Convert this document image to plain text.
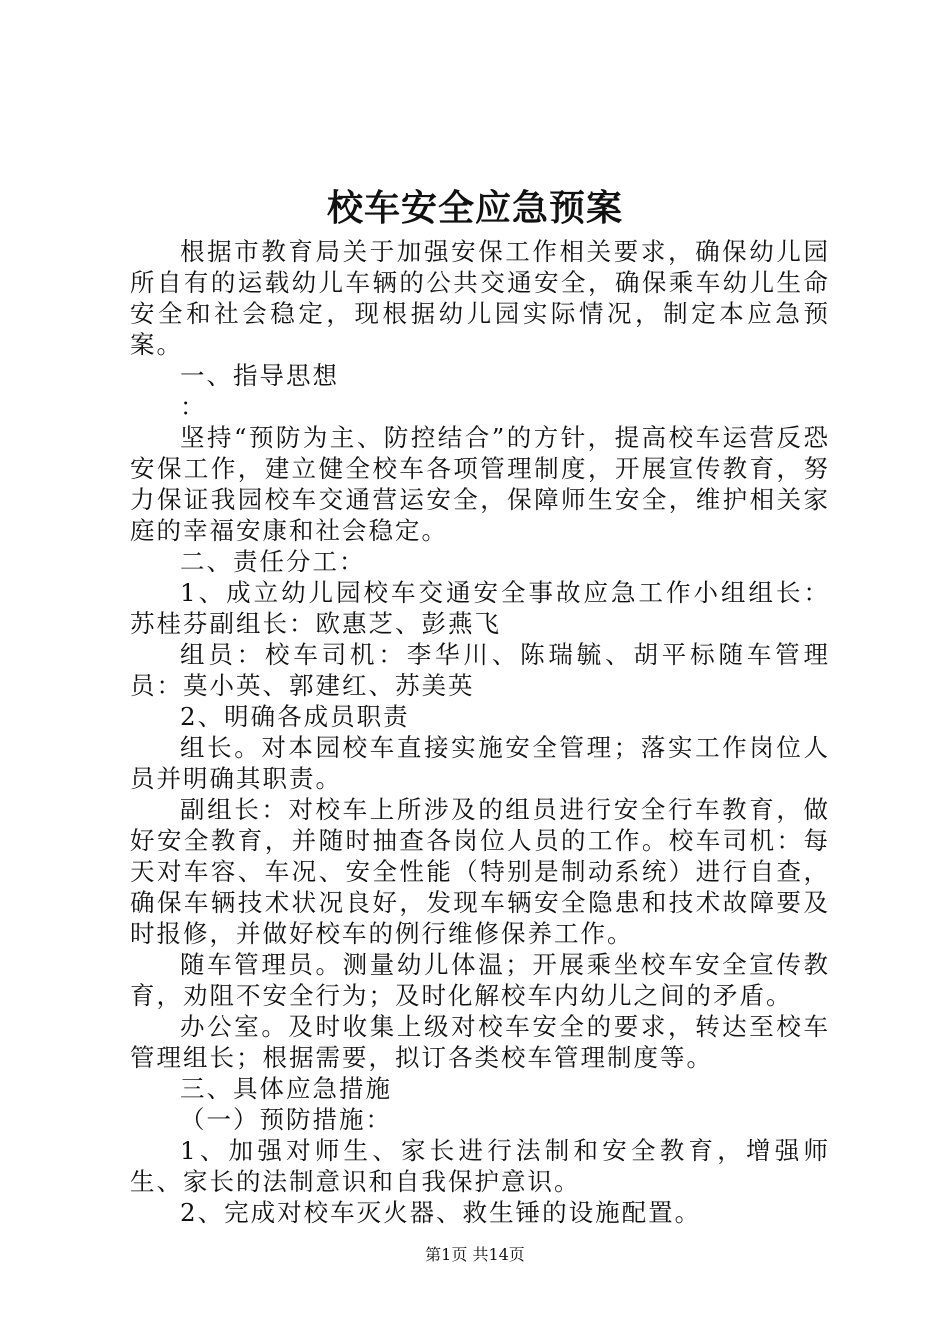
校车安全应急预案

根据市教育局关于加强安保工作相关要求，确保幼儿园所自有的运载幼儿车辆的公共交通安全，确保乘车幼儿生命安全和社会稳定，现根据幼儿园实际情况，制定本应急预案。

一、指导思想

：

坚持“预防为主、防控结合”的方针，提高校车运营反恐安保工作，建立健全校车各项管理制度，开展宣传教育，努力保证我园校车交通营运安全，保障师生安全，维护相关家庭的幸福安康和社会稳定。

二、责任分工：

1、成立幼儿园校车交通安全事故应急工作小组组长：苏桂芬副组长：欧惠芝、彭燕飞

组员：校车司机：李华川、陈瑞毓、胡平标随车管理员：莫小英、郭建红、苏美英

2、明确各成员职责

组长。对本园校车直接实施安全管理；落实工作岗位人员并明确其职责。

副组长：对校车上所涉及的组员进行安全行车教育，做好安全教育，并随时抽查各岗位人员的工作。校车司机：每天对车容、车况、安全性能（特别是制动系统）进行自查，确保车辆技术状况良好，发现车辆安全隐患和技术故障要及时报修，并做好校车的例行维修保养工作。

随车管理员。测量幼儿体温；开展乘坐校车安全宣传教育，劝阻不安全行为；及时化解校车内幼儿之间的矛盾。

办公室。及时收集上级对校车安全的要求，转达至校车管理组长；根据需要，拟订各类校车管理制度等。

三、具体应急措施

（一）预防措施：

1、加强对师生、家长进行法制和安全教育，增强师生、家长的法制意识和自我保护意识。

2、完成对校车灭火器、救生锤的设施配置。

第1页 共14页
